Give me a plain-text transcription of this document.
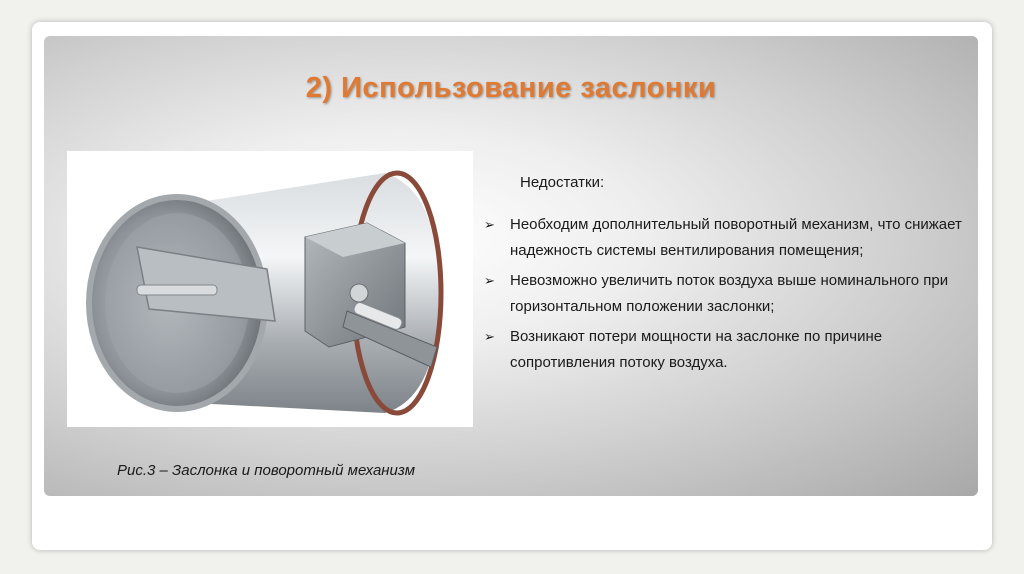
2) Использование заслонки
Рис.3 – Заслонка и поворотный механизм
Недостатки:
➢ Необходим дополнительный поворотный механизм, что снижает надежность системы вентилирования помещения;
➢ Невозможно увеличить поток воздуха выше номинального при горизонтальном положении заслонки;
➢ Возникают потери мощности на заслонке по причине сопротивления потоку воздуха.
